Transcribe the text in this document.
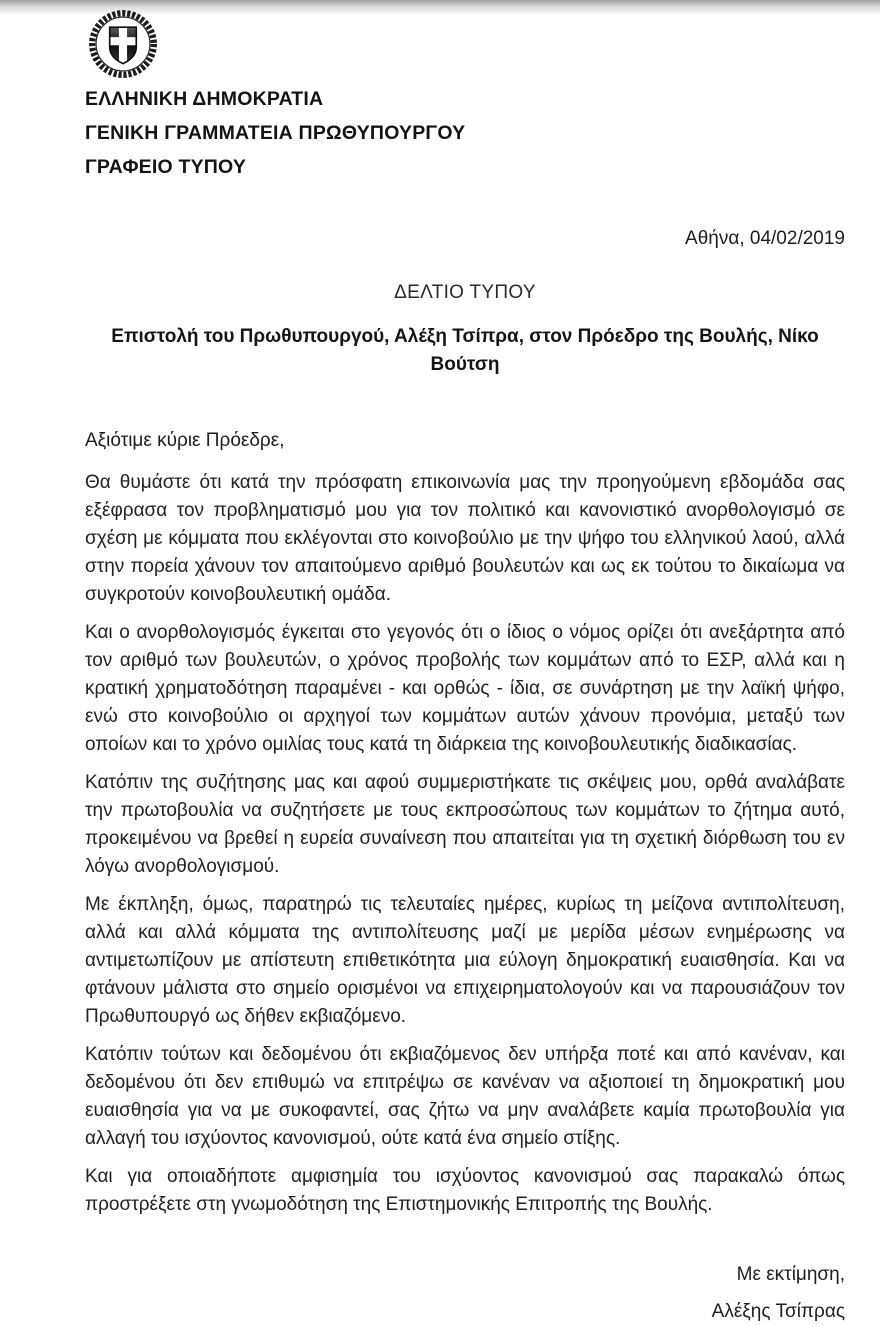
ΕΛΛΗΝΙΚΗ ΔΗΜΟΚΡΑΤΙΑ
ΓΕΝΙΚΗ ΓΡΑΜΜΑΤΕΙΑ ΠΡΩΘΥΠΟΥΡΓΟΥ
ΓΡΑΦΕΙΟ ΤΥΠΟΥ
Αθήνα, 04/02/2019
ΔΕΛΤΙΟ ΤΥΠΟΥ
Επιστολή του Πρωθυπουργού, Αλέξη Τσίπρα, στον Πρόεδρο της Βουλής, Νίκο Βούτση
Αξιότιμε κύριε Πρόεδρε,

Θα θυμάστε ότι κατά την πρόσφατη επικοινωνία μας την προηγούμενη εβδομάδα σας εξέφρασα τον προβληματισμό μου για τον πολιτικό και κανονιστικό ανορθολογισμό σε σχέση με κόμματα που εκλέγονται στο κοινοβούλιο με την ψήφο του ελληνικού λαού, αλλά στην πορεία χάνουν τον απαιτούμενο αριθμό βουλευτών και ως εκ τούτου το δικαίωμα να συγκροτούν κοινοβουλευτική ομάδα.

Και ο ανορθολογισμός έγκειται στο γεγονός ότι ο ίδιος ο νόμος ορίζει ότι ανεξάρτητα από τον αριθμό των βουλευτών, ο χρόνος προβολής των κομμάτων από το ΕΣΡ, αλλά και η κρατική χρηματοδότηση παραμένει - και ορθώς - ίδια, σε συνάρτηση με την λαϊκή ψήφο, ενώ στο κοινοβούλιο οι αρχηγοί των κομμάτων αυτών χάνουν προνόμια, μεταξύ των οποίων και το χρόνο ομιλίας τους κατά τη διάρκεια της κοινοβουλευτικής διαδικασίας.

Κατόπιν της συζήτησης μας και αφού συμμεριστήκατε τις σκέψεις μου, ορθά αναλάβατε την πρωτοβουλία να συζητήσετε με τους εκπροσώπους των κομμάτων το ζήτημα αυτό, προκειμένου να βρεθεί η ευρεία συναίνεση που απαιτείται για τη σχετική διόρθωση του εν λόγω ανορθολογισμού.

Με έκπληξη, όμως, παρατηρώ τις τελευταίες ημέρες, κυρίως τη μείζονα αντιπολίτευση, αλλά και αλλά κόμματα της αντιπολίτευσης μαζί με μερίδα μέσων ενημέρωσης να αντιμετωπίζουν με απίστευτη επιθετικότητα μια εύλογη δημοκρατική ευαισθησία. Και να φτάνουν μάλιστα στο σημείο ορισμένοι να επιχειρηματολογούν και να παρουσιάζουν τον Πρωθυπουργό ως δήθεν εκβιαζόμενο.

Κατόπιν τούτων και δεδομένου ότι εκβιαζόμενος δεν υπήρξα ποτέ και από κανέναν, και δεδομένου ότι δεν επιθυμώ να επιτρέψω σε κανέναν να αξιοποιεί τη δημοκρατική μου ευαισθησία για να με συκοφαντεί, σας ζήτω να μην αναλάβετε καμία πρωτοβουλία για αλλαγή του ισχύοντος κανονισμού, ούτε κατά ένα σημείο στίξης.

Και για οποιαδήποτε αμφισημία του ισχύοντος κανονισμού σας παρακαλώ όπως προστρέξετε στη γνωμοδότηση της Επιστημονικής Επιτροπής της Βουλής.

Με εκτίμηση,
Αλέξης Τσίπρας
